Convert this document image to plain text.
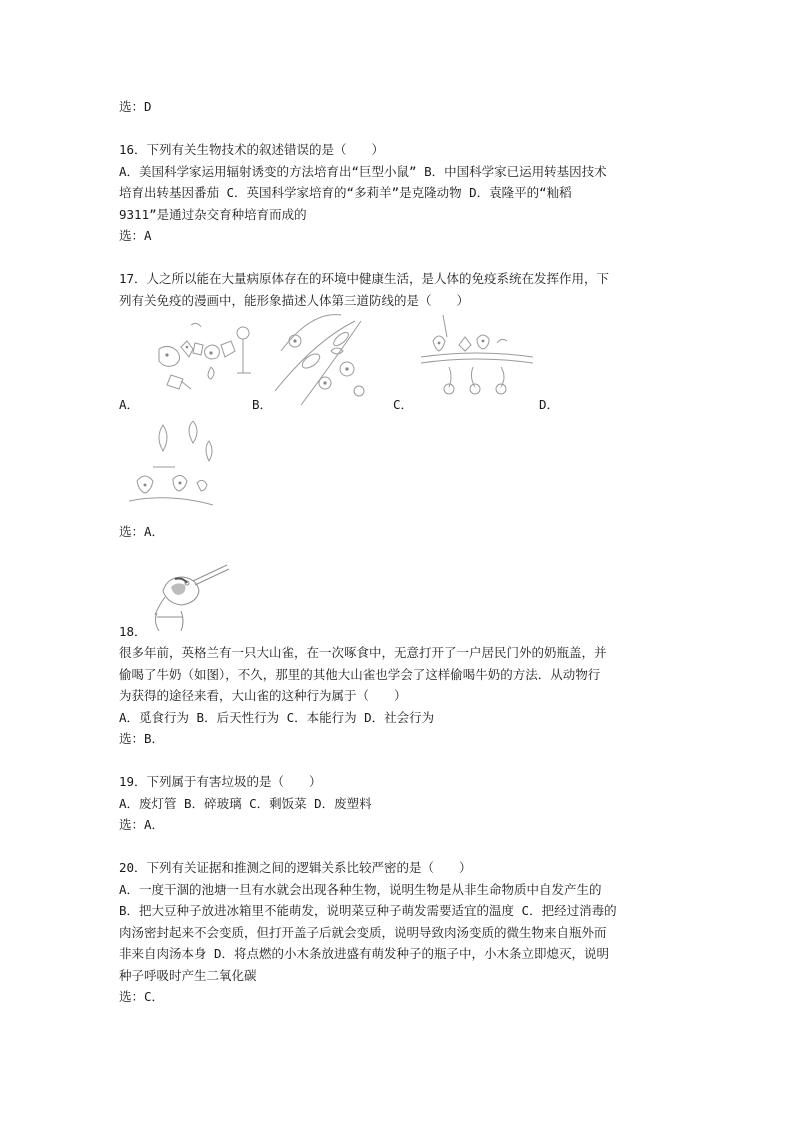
选：D
16．下列有关生物技术的叙述错误的是（　　）
A．美国科学家运用辐射诱变的方法培育出“巨型小鼠” B．中国科学家已运用转基因技术
培育出转基因番茄 C．英国科学家培育的“多莉羊”是克隆动物 D．袁隆平的“籼稻
9311”是通过杂交育种培育而成的
选：A
17．人之所以能在大量病原体存在的环境中健康生活，是人体的免疫系统在发挥作用，下
列有关免疫的漫画中，能形象描述人体第三道防线的是（　　）
A．	B．	C．	D．
选：A．
18．
很多年前，英格兰有一只大山雀，在一次啄食中，无意打开了一户居民门外的奶瓶盖，并
偷喝了牛奶（如图），不久，那里的其他大山雀也学会了这样偷喝牛奶的方法．从动物行
为获得的途径来看，大山雀的这种行为属于（　　）
A．觅食行为 B．后天性行为 C．本能行为 D．社会行为
选：B．
19．下列属于有害垃圾的是（　　）
A．废灯管 B．碎玻璃 C．剩饭菜 D．废塑料
选：A．
20．下列有关证据和推测之间的逻辑关系比较严密的是（　　）
A．一度干涸的池塘一旦有水就会出现各种生物，说明生物是从非生命物质中自发产生的
B．把大豆种子放进冰箱里不能萌发，说明菜豆种子萌发需要适宜的温度 C．把经过消毒的
肉汤密封起来不会变质，但打开盖子后就会变质，说明导致肉汤变质的微生物来自瓶外而
非来自肉汤本身 D．将点燃的小木条放进盛有萌发种子的瓶子中，小木条立即熄灭，说明
种子呼吸时产生二氧化碳
选：C．
